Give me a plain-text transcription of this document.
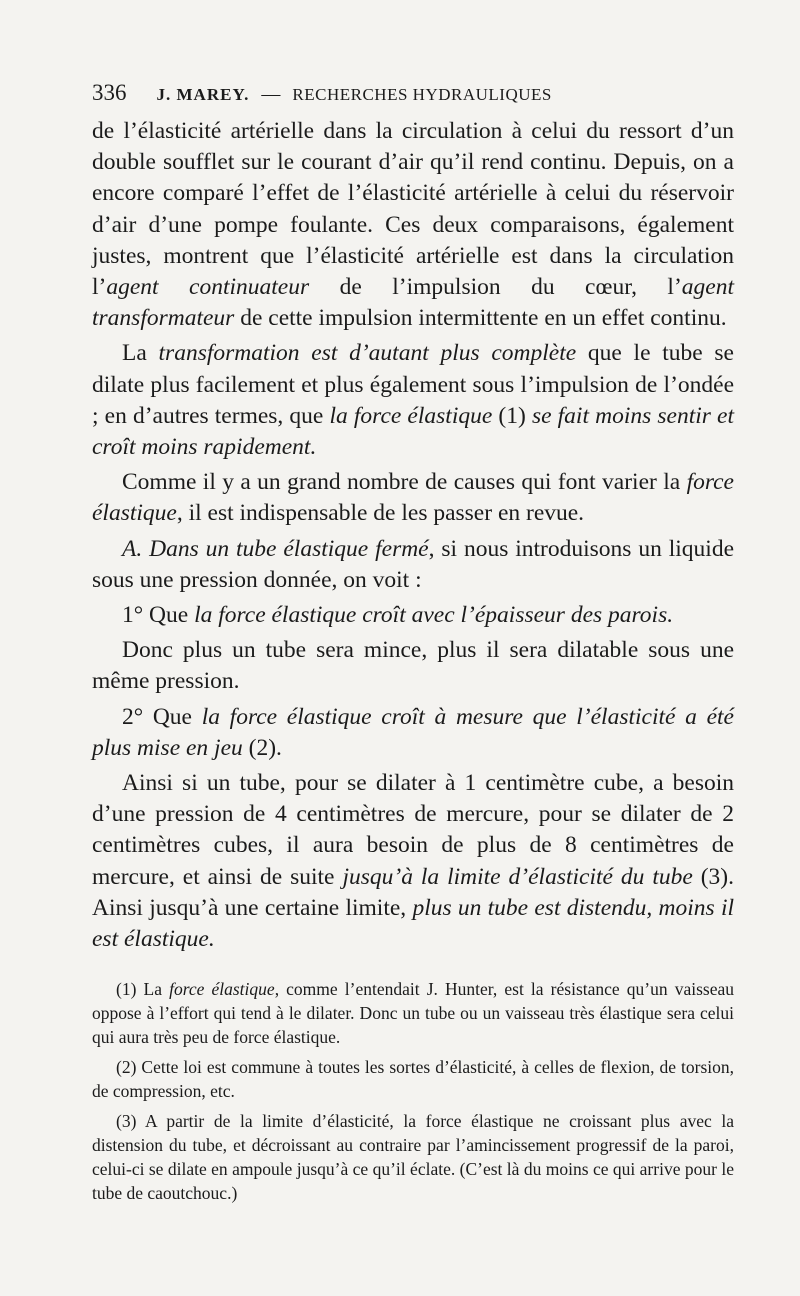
336 J. MAREY. — RECHERCHES HYDRAULIQUES

de l’élasticité artérielle dans la circulation à celui du ressort d’un double soufflet sur le courant d’air qu’il rend continu. Depuis, on a encore comparé l’effet de l’élasticité artérielle à celui du réservoir d’air d’une pompe foulante. Ces deux comparaisons, également justes, montrent que l’élasticité artérielle est dans la circulation l’agent continuateur de l’impulsion du cœur, l’agent transformateur de cette impulsion intermittente en un effet continu.

La transformation est d’autant plus complète que le tube se dilate plus facilement et plus également sous l’impulsion de l’ondée ; en d’autres termes, que la force élastique (1) se fait moins sentir et croît moins rapidement.

Comme il y a un grand nombre de causes qui font varier la force élastique, il est indispensable de les passer en revue.

A. Dans un tube élastique fermé, si nous introduisons un liquide sous une pression donnée, on voit :

1° Que la force élastique croît avec l’épaisseur des parois.

Donc plus un tube sera mince, plus il sera dilatable sous une même pression.

2° Que la force élastique croît à mesure que l’élasticité a été plus mise en jeu (2).

Ainsi si un tube, pour se dilater à 1 centimètre cube, a besoin d’une pression de 4 centimètres de mercure, pour se dilater de 2 centimètres cubes, il aura besoin de plus de 8 centimètres de mercure, et ainsi de suite jusqu’à la limite d’élasticité du tube (3). Ainsi jusqu’à une certaine limite, plus un tube est distendu, moins il est élastique.

(1) La force élastique, comme l’entendait J. Hunter, est la résistance qu’un vaisseau oppose à l’effort qui tend à le dilater. Donc un tube ou un vaisseau très élastique sera celui qui aura très peu de force élastique.

(2) Cette loi est commune à toutes les sortes d’élasticité, à celles de flexion, de torsion, de compression, etc.

(3) A partir de la limite d’élasticité, la force élastique ne croissant plus avec la distension du tube, et décroissant au contraire par l’amincissement progressif de la paroi, celui-ci se dilate en ampoule jusqu’à ce qu’il éclate. (C’est là du moins ce qui arrive pour le tube de caoutchouc.)
